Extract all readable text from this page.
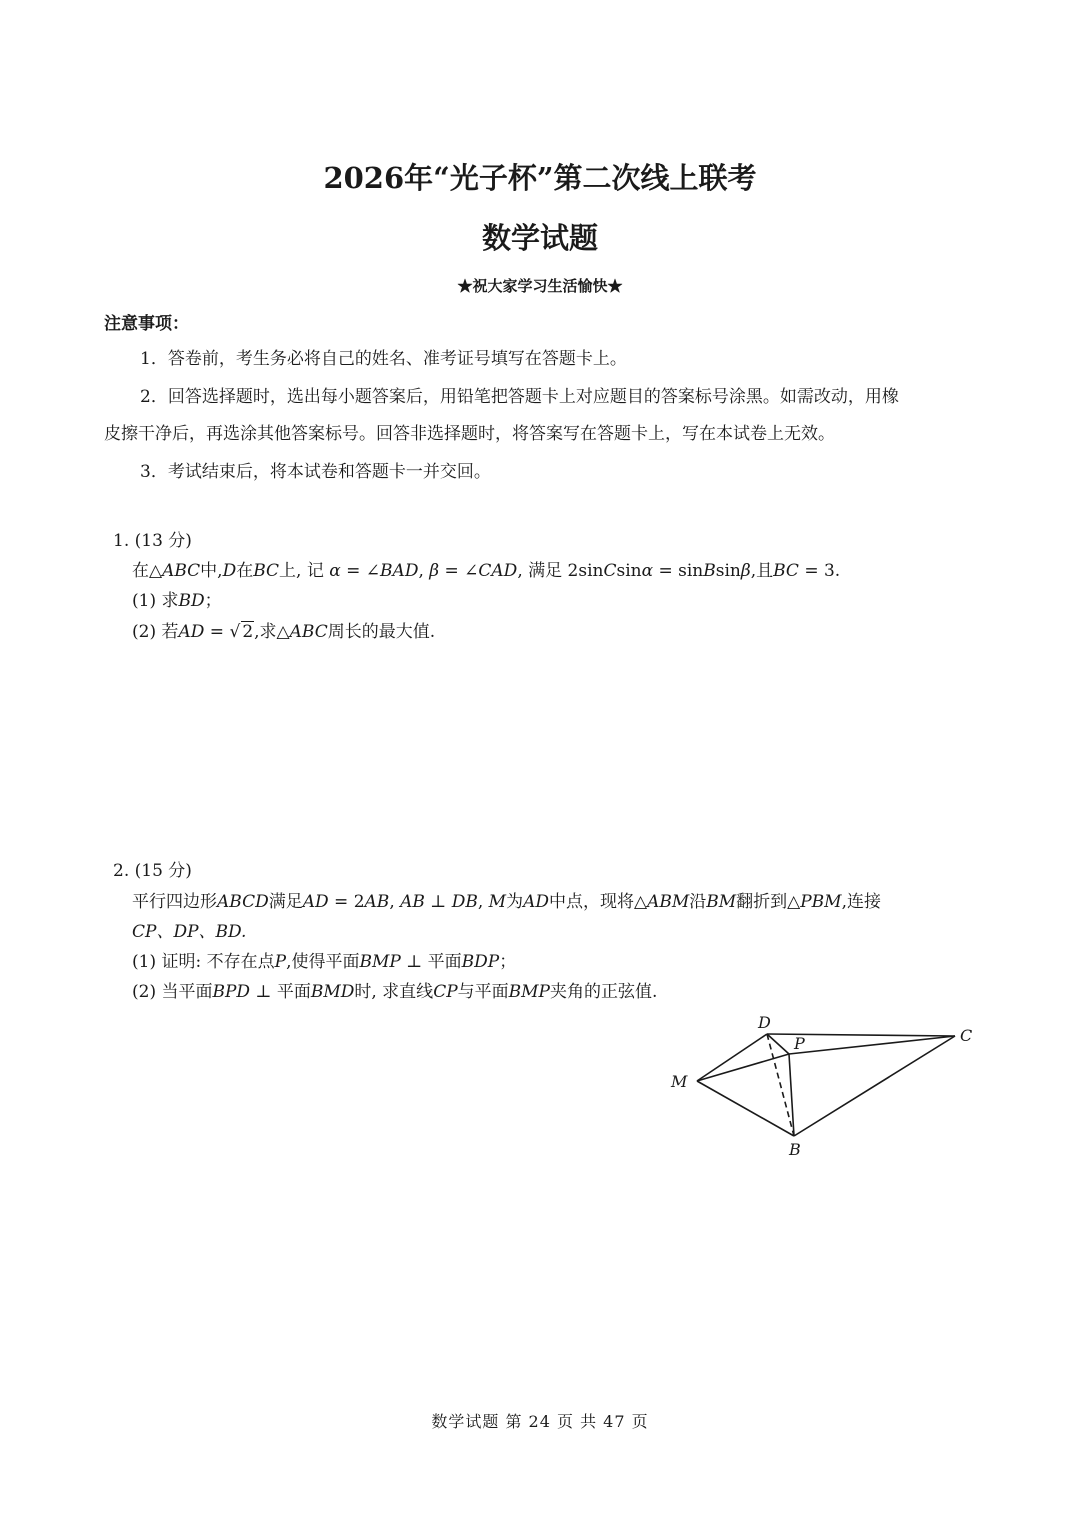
2026年“光子杯”第二次线上联考
数学试题
★祝大家学习生活愉快★
注意事项：
1．答卷前，考生务必将自己的姓名、准考证号填写在答题卡上。
2．回答选择题时，选出每小题答案后，用铅笔把答题卡上对应题目的答案标号涂黑。如需改动，用橡
皮擦干净后，再选涂其他答案标号。回答非选择题时，将答案写在答题卡上，写在本试卷上无效。
3．考试结束后，将本试卷和答题卡一并交回。
1. (13 分)
在△ABC中,D在BC上, 记 α = ∠BAD, β = ∠CAD, 满足 2sinCsinα = sinBsinβ,且BC = 3.
(1) 求BD；
(2) 若AD = √ 2,求△ABC周长的最大值.
2. (15 分)
平行四边形ABCD满足AD = 2AB, AB ⊥ DB, M为AD中点，现将△ABM沿BM翻折到△PBM,连接
CP、DP、BD.
(1) 证明: 不存在点P,使得平面BMP ⊥ 平面BDP；
(2) 当平面BPD ⊥ 平面BMD时, 求直线CP与平面BMP夹角的正弦值.
D
P	C
M
B
数学试题 第 24 页 共 47 页
